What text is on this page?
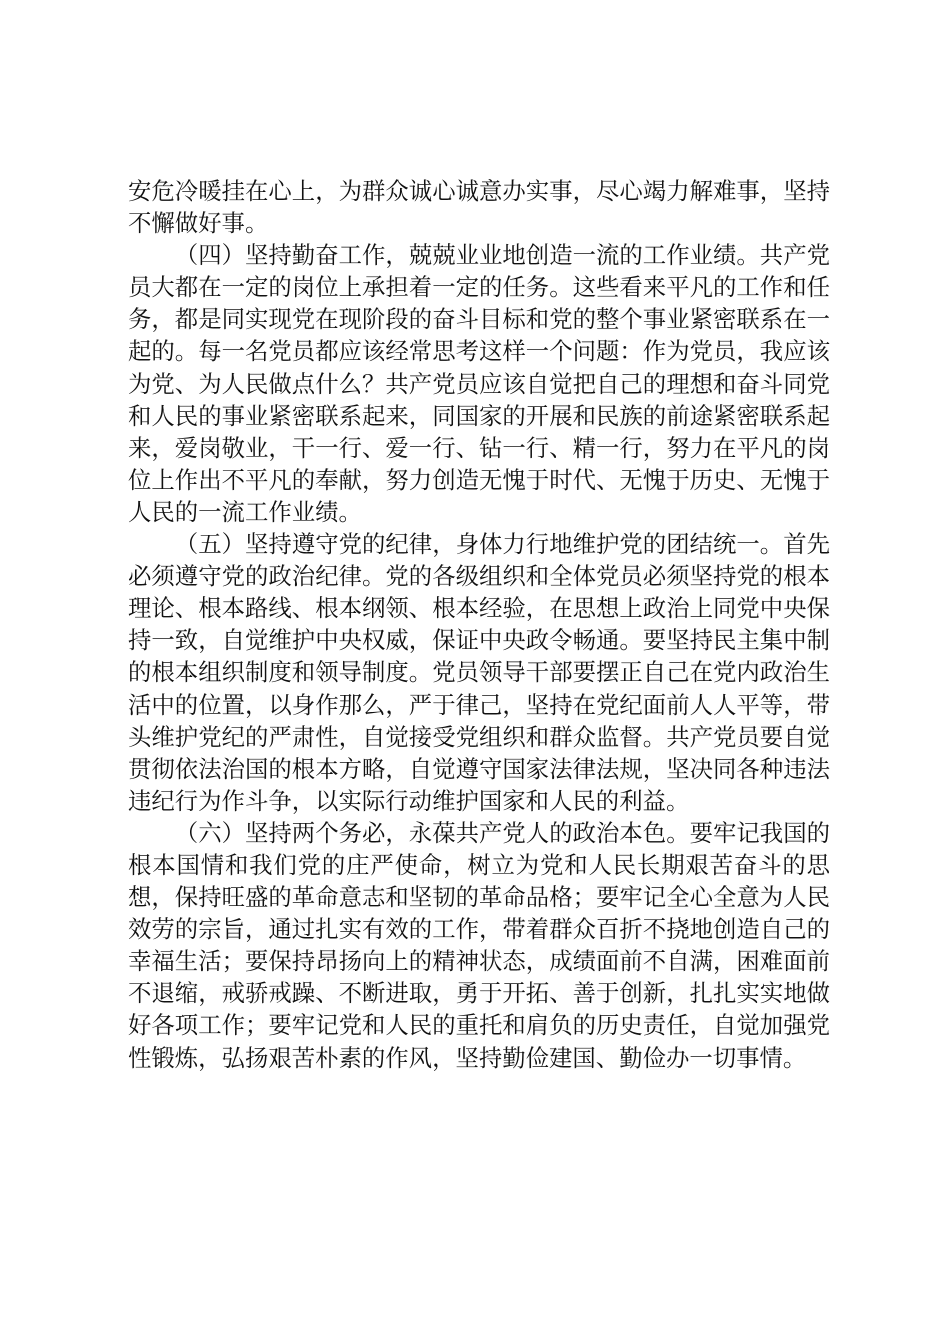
安危冷暖挂在心上，为群众诚心诚意办实事，尽心竭力解难事，坚持不懈做好事。

（四）坚持勤奋工作，兢兢业业地创造一流的工作业绩。共产党员大都在一定的岗位上承担着一定的任务。这些看来平凡的工作和任务，都是同实现党在现阶段的奋斗目标和党的整个事业紧密联系在一起的。每一名党员都应该经常思考这样一个问题：作为党员，我应该为党、为人民做点什么？共产党员应该自觉把自己的理想和奋斗同党和人民的事业紧密联系起来，同国家的开展和民族的前途紧密联系起来，爱岗敬业，干一行、爱一行、钻一行、精一行，努力在平凡的岗位上作出不平凡的奉献，努力创造无愧于时代、无愧于历史、无愧于人民的一流工作业绩。

（五）坚持遵守党的纪律，身体力行地维护党的团结统一。首先必须遵守党的政治纪律。党的各级组织和全体党员必须坚持党的根本理论、根本路线、根本纲领、根本经验，在思想上政治上同党中央保持一致，自觉维护中央权威，保证中央政令畅通。要坚持民主集中制的根本组织制度和领导制度。党员领导干部要摆正自己在党内政治生活中的位置，以身作那么，严于律己，坚持在党纪面前人人平等，带头维护党纪的严肃性，自觉接受党组织和群众监督。共产党员要自觉贯彻依法治国的根本方略，自觉遵守国家法律法规，坚决同各种违法违纪行为作斗争，以实际行动维护国家和人民的利益。

（六）坚持两个务必，永葆共产党人的政治本色。要牢记我国的根本国情和我们党的庄严使命，树立为党和人民长期艰苦奋斗的思想，保持旺盛的革命意志和坚韧的革命品格；要牢记全心全意为人民效劳的宗旨，通过扎实有效的工作，带着群众百折不挠地创造自己的幸福生活；要保持昂扬向上的精神状态，成绩面前不自满，困难面前不退缩，戒骄戒躁、不断进取，勇于开拓、善于创新，扎扎实实地做好各项工作；要牢记党和人民的重托和肩负的历史责任，自觉加强党性锻炼，弘扬艰苦朴素的作风，坚持勤俭建国、勤俭办一切事情。
